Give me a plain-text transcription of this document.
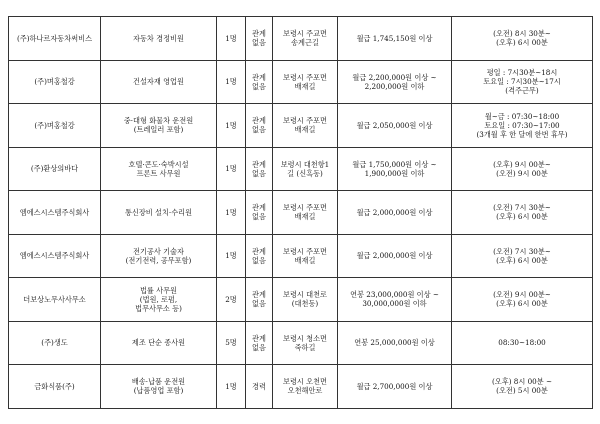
(주)하나르자동차써비스	자동차 경정비원	1명	관계
없음	보령시 주교면
송계근길	월급 1,745,150원 이상	(오전) 8시 30분~
(오후) 6시 00분
(주)며홍철강	건설자재 영업원	1명	관계
없음	보령시 주포면
배재길	월급 2,200,000원 이상 ~
2,200,000원 이하	평일 : 7시30분~18시
토요일 : 7시30분~17시
(격주근무)
(주)며홍철강	중·대형 화물차 운전원
(트레일러 포함)	1명	관계
없음	보령시 주포면
배재길	월급 2,050,000원 이상	월~금 : 07:30~18:00
토요일 : 07:30~17:00
(3개월 후 한 달에 한번 휴무)
(주)환상의바다	호텔·콘도·숙박시설
프론트 사무원	1명	관계
없음	보령시 대천항1
길 (신흑동)	월급 1,750,000원 이상 ~
1,900,000원 이하	(오후) 9시 00분~
(오전) 9시 00분
엠에스시스템주식회사	통신장비 설치·수리원	1명	관계
없음	보령시 주포면
배재길	월급 2,000,000원 이상	(오전) 7시 30분~
(오후) 6시 00분
엠에스시스템주식회사	전기공사 기술자
(전기전력, 공무포함)	1명	관계
없음	보령시 주포면
배재길	월급 2,000,000원 이상	(오전) 7시 30분~
(오후) 6시 00분
더보상노무사사무소	법률 사무원
(법원, 로펌,
법무사무소 등)	2명	관계
없음	보령시 대천로
(대천동)	연봉 23,000,000원 이상 ~
30,000,000원 이하	(오전) 9시 00분~
(오후) 6시 00분
(주)생도	제조 단순 종사원	5명	관계
없음	보령시 청소면
죽하길	연봉 25,000,000원 이상	08:30~18:00
금화식품(주)	배송·납품 운전원
(납품영업 포함)	1명	경력	보령시 오천면
오천해안로	월급 2,700,000원 이상	(오후) 8시 00분 ~
(오전) 5시 00분
